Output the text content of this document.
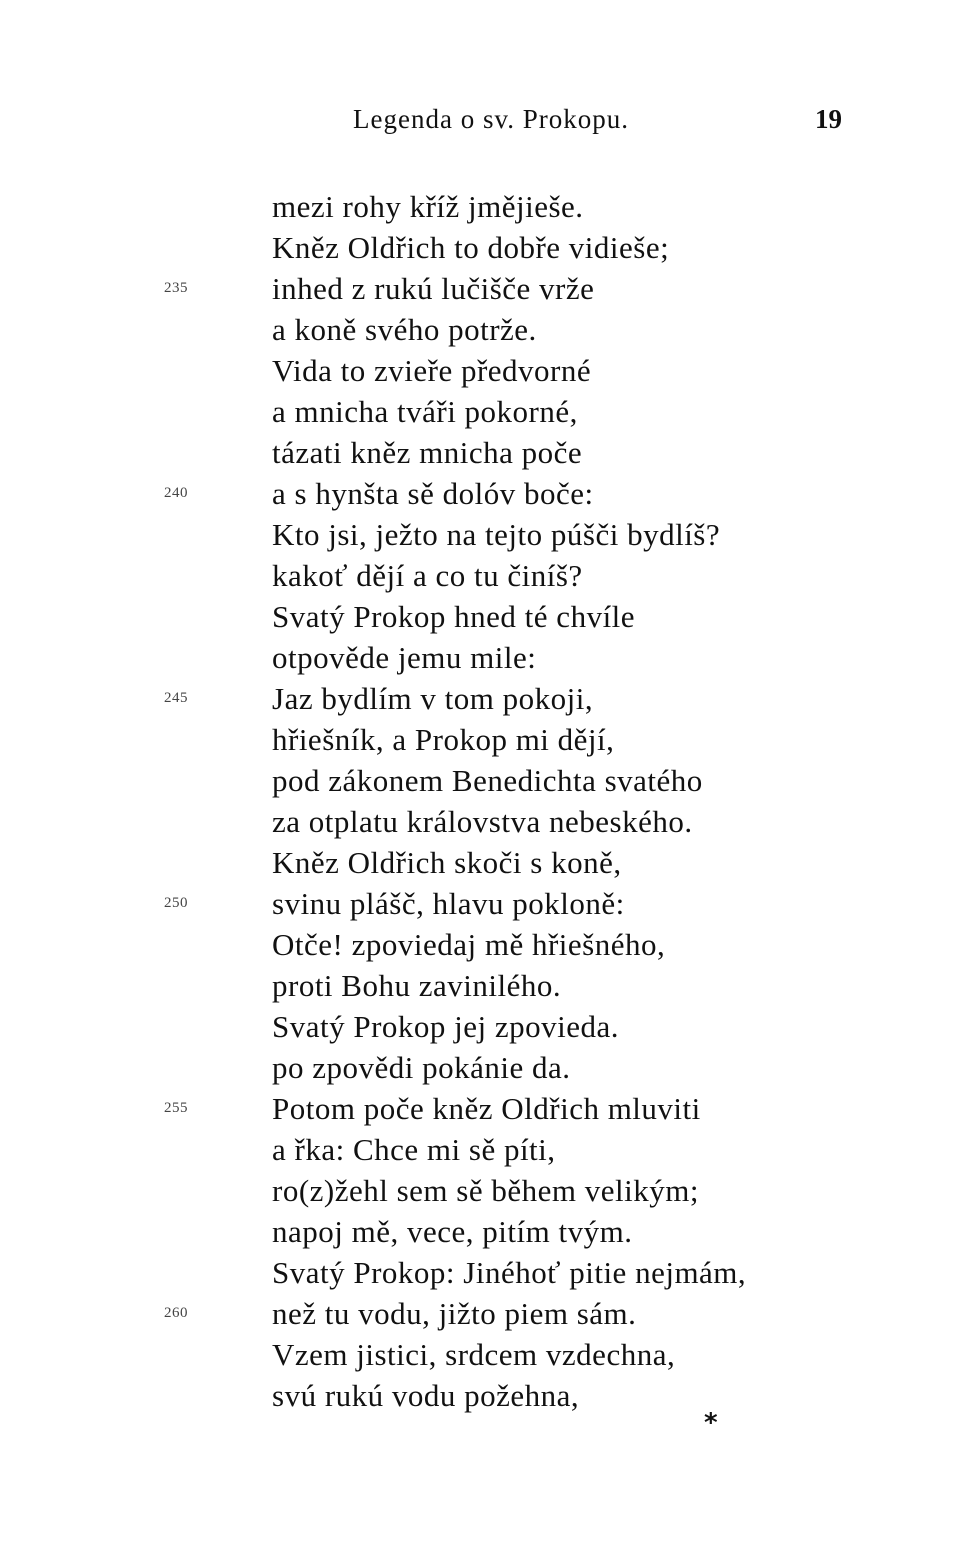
Legenda o sv. Prokopu.	19
mezi rohy kříž jmějieše.
Kněz Oldřich to dobře vidieše;
inhed z rukú lučišče vrže
235
a koně svého potrže.
Vida to zvieře předvorné
a mnicha tváři pokorné,
tázati kněz mnicha poče
a s hynšta sě dolóv boče:
240
Kto jsi, ježto na tejto púšči bydlíš?
kakoť dějí a co tu činíš?
Svatý Prokop hned té chvíle
otpověde jemu mile:
Jaz bydlím v tom pokoji,
245
hřiešník, a Prokop mi dějí,
pod zákonem Benedichta svatého
za otplatu královstva nebeského.
Kněz Oldřich skoči s koně,
svinu plášč, hlavu pokloně:
250
Otče! zpoviedaj mě hřiešného,
proti Bohu zavinilého.
Svatý Prokop jej zpovieda.
po zpovědi pokánie da.
Potom poče kněz Oldřich mluviti
255
a řka: Chce mi sě píti,
ro(z)žehl sem sě během velikým;
napoj mě, vece, pitím tvým.
Svatý Prokop: Jinéhoť pitie nejmám,
než tu vodu, jižto piem sám.
260
Vzem jistici, srdcem vzdechna,
svú rukú vodu požehna,
*
